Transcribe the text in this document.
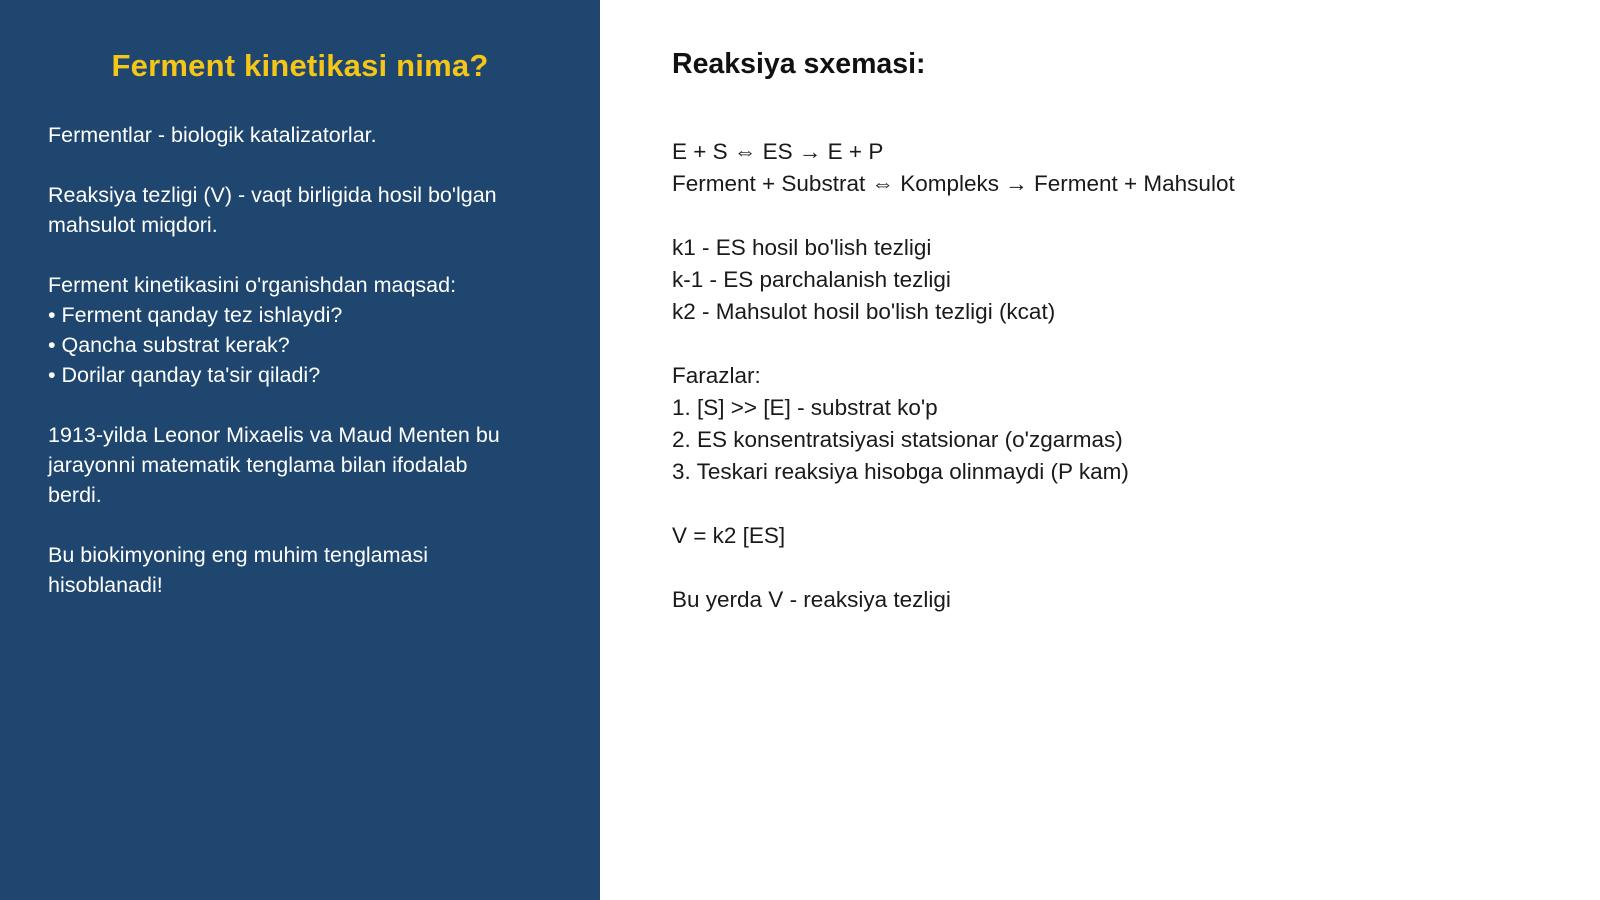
Ferment kinetikasi nima?
Fermentlar - biologik katalizatorlar.
Reaksiya tezligi (V) - vaqt birligida hosil bo'lgan
mahsulot miqdori.
Ferment kinetikasini o'rganishdan maqsad:
• Ferment qanday tez ishlaydi?
• Qancha substrat kerak?
• Dorilar qanday ta'sir qiladi?
1913-yilda Leonor Mixaelis va Maud Menten bu
jarayonni matematik tenglama bilan ifodalab
berdi.
Bu biokimyoning eng muhim tenglamasi
hisoblanadi!
Reaksiya sxemasi:
E + S ⇔ ES → E + P
Ferment + Substrat ⇔ Kompleks → Ferment + Mahsulot
k1 - ES hosil bo'lish tezligi
k-1 - ES parchalanish tezligi
k2 - Mahsulot hosil bo'lish tezligi (kcat)
Farazlar:
1. [S] >> [E] - substrat ko'p
2. ES konsentratsiyasi statsionar (o'zgarmas)
3. Teskari reaksiya hisobga olinmaydi (P kam)
V = k2 [ES]
Bu yerda V - reaksiya tezligi
